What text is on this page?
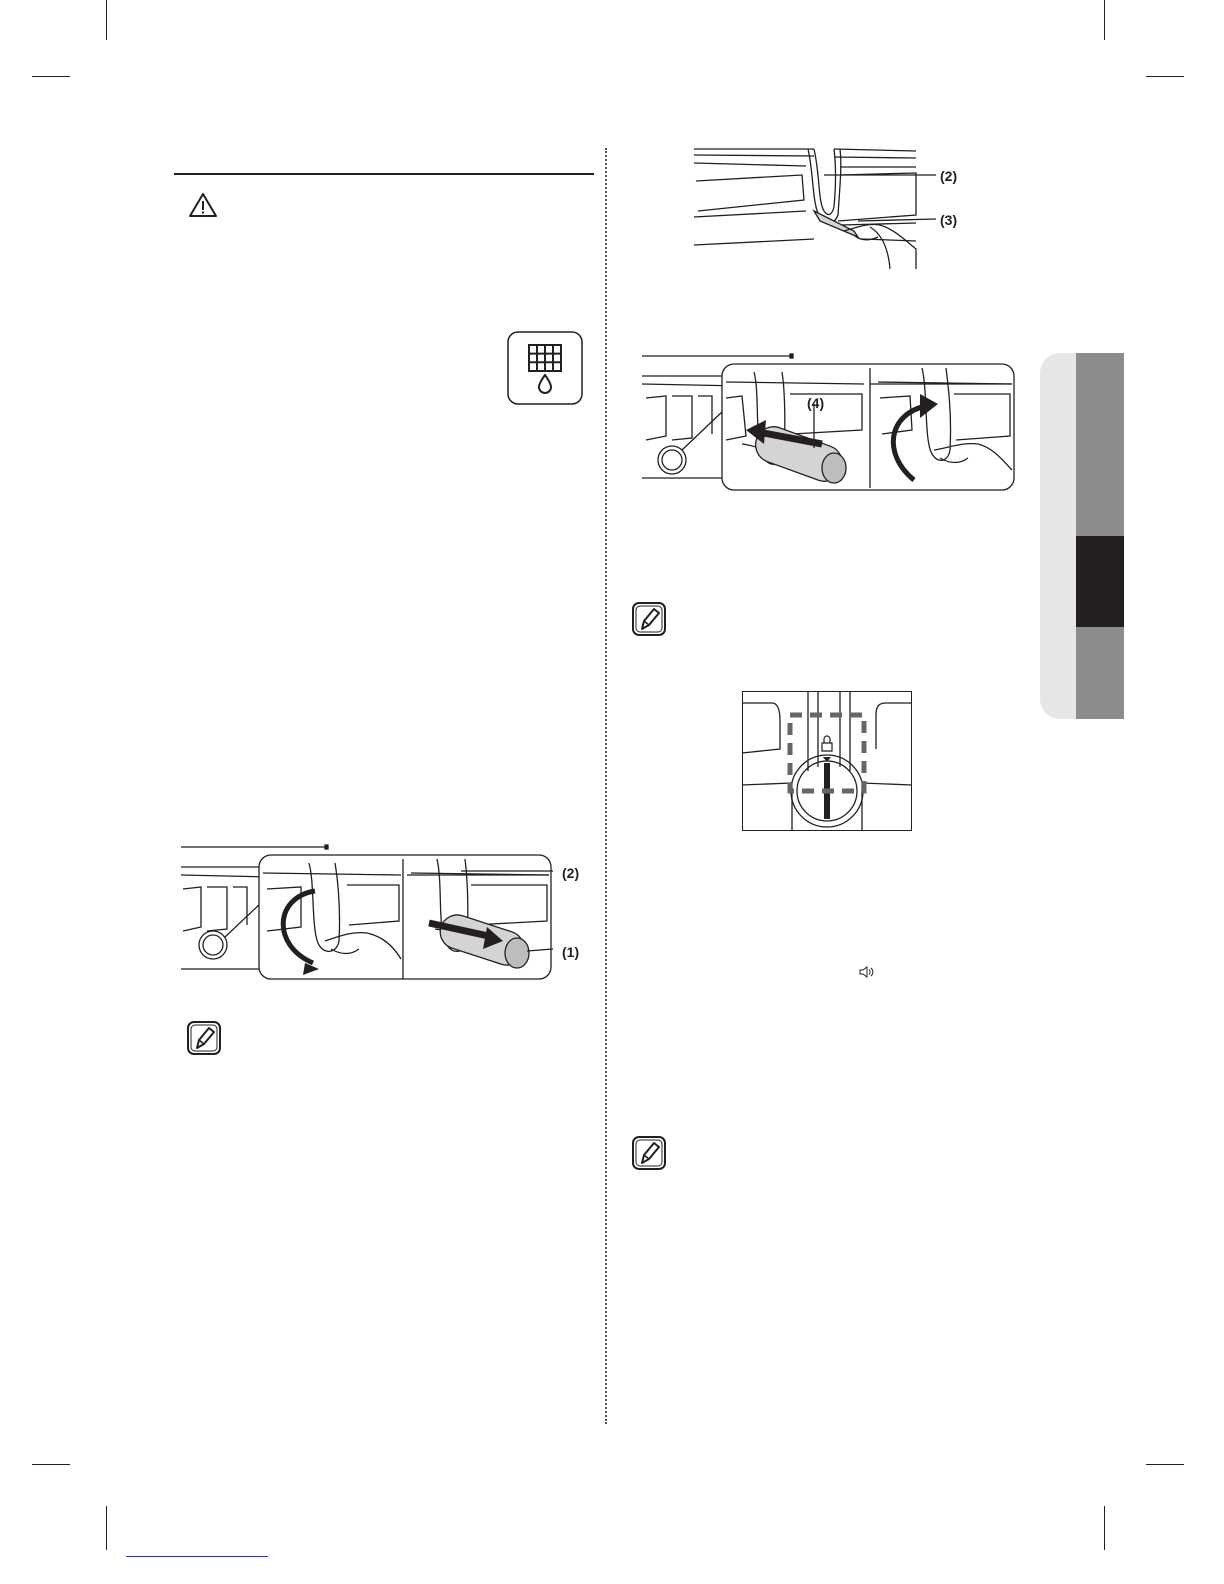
(2)
(3)
(4)
(2)
(1)
